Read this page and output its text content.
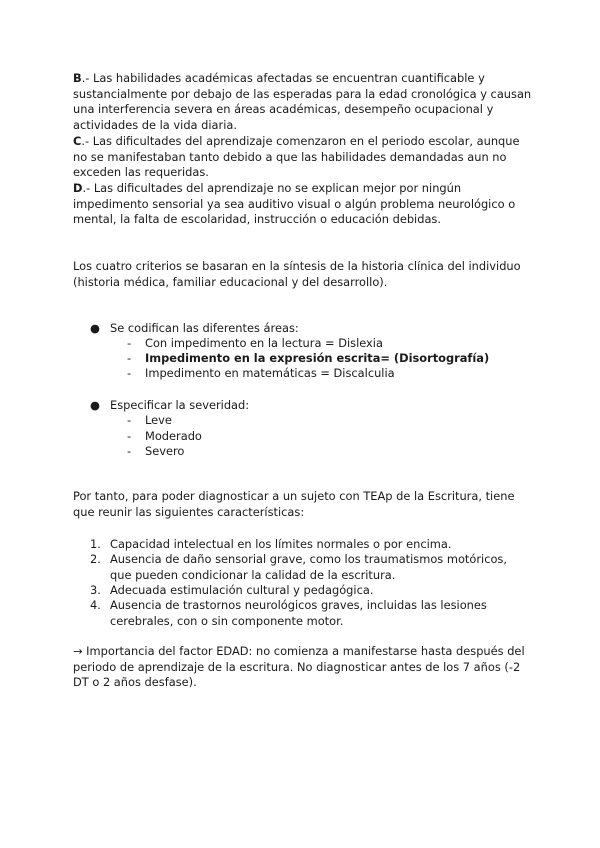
B.- Las habilidades académicas afectadas se encuentran cuantificable y sustancialmente por debajo de las esperadas para la edad cronológica y causan una interferencia severa en áreas académicas, desempeño ocupacional y actividades de la vida diaria.

C.- Las dificultades del aprendizaje comenzaron en el periodo escolar, aunque no se manifestaban tanto debido a que las habilidades demandadas aun no exceden las requeridas.

D.- Las dificultades del aprendizaje no se explican mejor por ningún impedimento sensorial ya sea auditivo visual o algún problema neurológico o mental, la falta de escolaridad, instrucción o educación debidas.

Los cuatro criterios se basaran en la síntesis de la historia clínica del individuo (historia médica, familiar educacional y del desarrollo).

● Se codifican las diferentes áreas:
- Con impedimento en la lectura = Dislexia
- Impedimento en la expresión escrita= (Disortografía)
- Impedimento en matemáticas = Discalculia
● Especificar la severidad:
- Leve
- Moderado
- Severo

Por tanto, para poder diagnosticar a un sujeto con TEAp de la Escritura, tiene que reunir las siguientes características:

1. Capacidad intelectual en los límites normales o por encima.
2. Ausencia de daño sensorial grave, como los traumatismos motóricos, que pueden condicionar la calidad de la escritura.
3. Adecuada estimulación cultural y pedagógica.
4. Ausencia de trastornos neurológicos graves, incluidas las lesiones cerebrales, con o sin componente motor.

→ Importancia del factor EDAD: no comienza a manifestarse hasta después del periodo de aprendizaje de la escritura. No diagnosticar antes de los 7 años (-2 DT o 2 años desfase).
